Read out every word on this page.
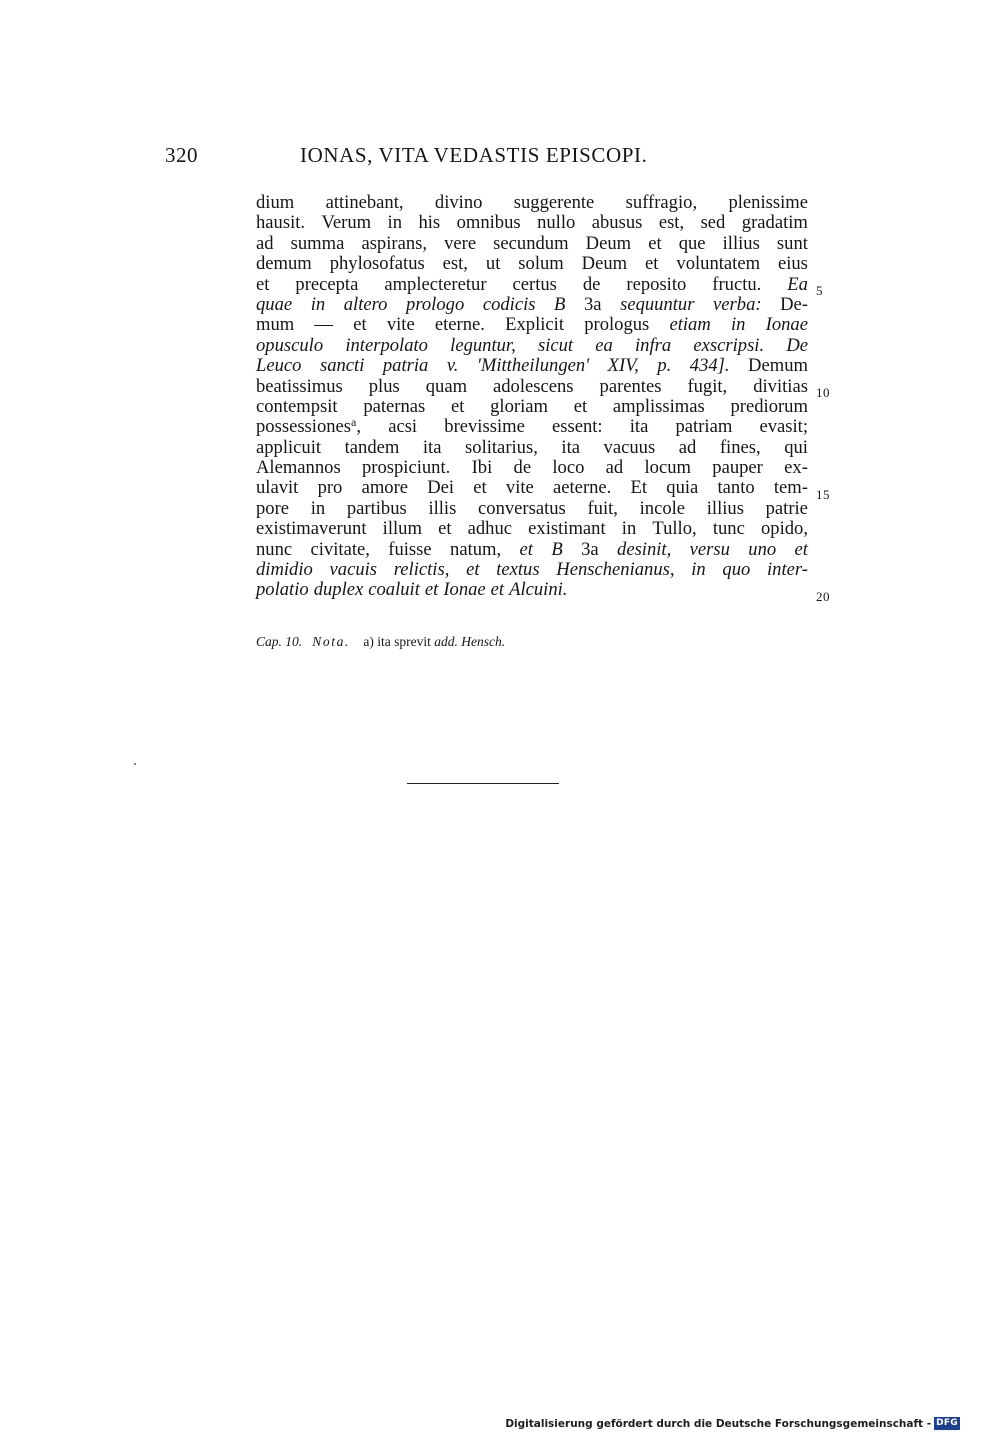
320	IONAS, VITA VEDASTIS EPISCOPI.
dium attinebant, divino suggerente suffragio, plenissime
hausit. Verum in his omnibus nullo abusus est, sed gradatim
ad summa aspirans, vere secundum Deum et que illius sunt
demum phylosofatus est, ut solum Deum et voluntatem eius
et precepta amplecteretur certus de reposito fructu. Ea
quae in altero prologo codicis B 3a sequuntur verba: De-
mum — et vite eterne. Explicit prologus etiam in Ionae
opusculo interpolato leguntur, sicut ea infra exscripsi. De
Leuco sancti patria v. 'Mittheilungen' XIV, p. 434]. Demum
beatissimus plus quam adolescens parentes fugit, divitias
contempsit paternas et gloriam et amplissimas prediorum
possessiones$^a$, acsi brevissime essent: ita patriam evasit;
applicuit tandem ita solitarius, ita vacuus ad fines, qui
Alemannos prospiciunt. Ibi de loco ad locum pauper ex-
ulavit pro amore Dei et vite aeterne. Et quia tanto tem-
pore in partibus illis conversatus fuit, incole illius patrie
existimaverunt illum et adhuc existimant in Tullo, tunc opido,
nunc civitate, fuisse natum, et B 3a desinit, versu uno et
dimidio vacuis relictis, et textus Henschenianus, in quo inter-
polatio duplex coaluit et Ionae et Alcuini.
5
10
15
20
Cap. 10. Nota. a) ita sprevit add. Hensch.
Digitalisierung gefördert durch die Deutsche Forschungsgemeinschaft - DFG
